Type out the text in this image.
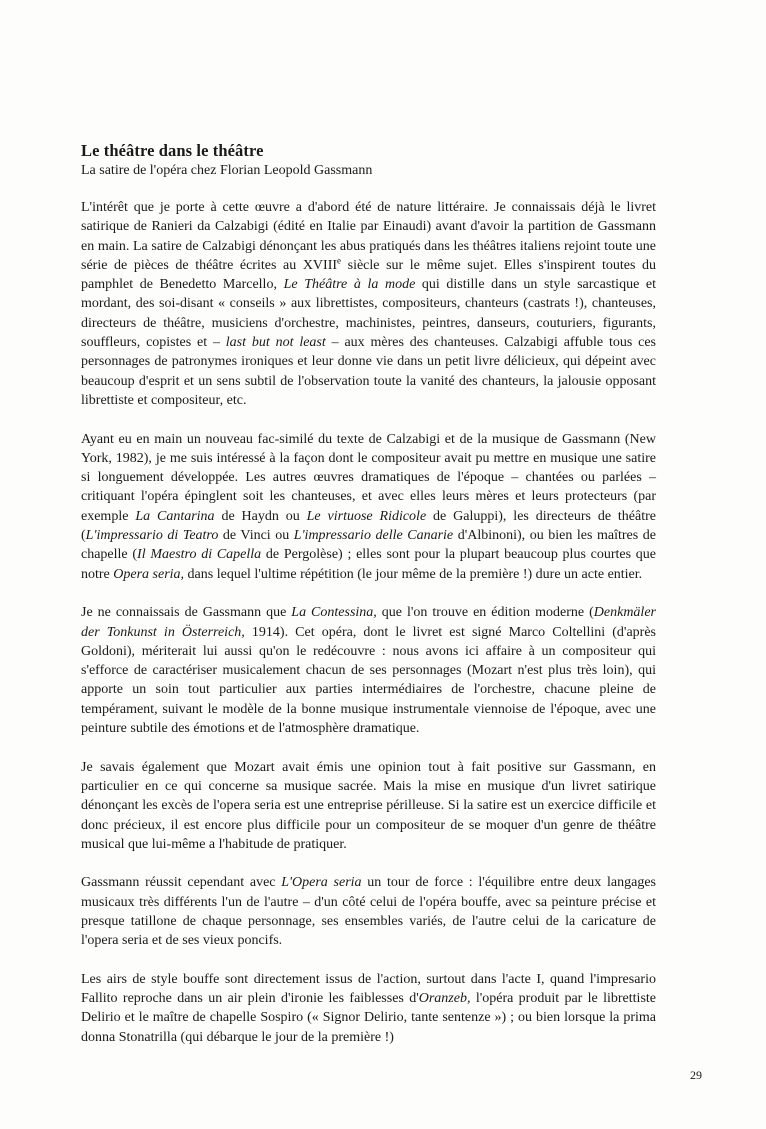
Le théâtre dans le théâtre

La satire de l'opéra chez Florian Leopold Gassmann

L'intérêt que je porte à cette œuvre a d'abord été de nature littéraire. Je connaissais déjà le livret satirique de Ranieri da Calzabigi (édité en Italie par Einaudi) avant d'avoir la partition de Gassmann en main. La satire de Calzabigi dénonçant les abus pratiqués dans les théâtres italiens rejoint toute une série de pièces de théâtre écrites au XVIIIe siècle sur le même sujet. Elles s'inspirent toutes du pamphlet de Benedetto Marcello, Le Théâtre à la mode qui distille dans un style sarcastique et mordant, des soi-disant « conseils » aux librettistes, compositeurs, chanteurs (castrats !), chanteuses, directeurs de théâtre, musiciens d'orchestre, machinistes, peintres, danseurs, couturiers, figurants, souffleurs, copistes et – last but not least – aux mères des chanteuses. Calzabigi affuble tous ces personnages de patronymes ironiques et leur donne vie dans un petit livre délicieux, qui dépeint avec beaucoup d'esprit et un sens subtil de l'observation toute la vanité des chanteurs, la jalousie opposant librettiste et compositeur, etc.

Ayant eu en main un nouveau fac-similé du texte de Calzabigi et de la musique de Gassmann (New York, 1982), je me suis intéressé à la façon dont le compositeur avait pu mettre en musique une satire si longuement développée. Les autres œuvres dramatiques de l'époque – chantées ou parlées – critiquant l'opéra épinglent soit les chanteuses, et avec elles leurs mères et leurs protecteurs (par exemple La Cantarina de Haydn ou Le virtuose Ridicole de Galuppi), les directeurs de théâtre (L'impressario di Teatro de Vinci ou L'impressario delle Canarie d'Albinoni), ou bien les maîtres de chapelle (Il Maestro di Capella de Pergolèse) ; elles sont pour la plupart beaucoup plus courtes que notre Opera seria, dans lequel l'ultime répétition (le jour même de la première !) dure un acte entier.

Je ne connaissais de Gassmann que La Contessina, que l'on trouve en édition moderne (Denkmäler der Tonkunst in Österreich, 1914). Cet opéra, dont le livret est signé Marco Coltellini (d'après Goldoni), mériterait lui aussi qu'on le redécouvre : nous avons ici affaire à un compositeur qui s'efforce de caractériser musicalement chacun de ses personnages (Mozart n'est plus très loin), qui apporte un soin tout particulier aux parties intermédiaires de l'orchestre, chacune pleine de tempérament, suivant le modèle de la bonne musique instrumentale viennoise de l'époque, avec une peinture subtile des émotions et de l'atmosphère dramatique.

Je savais également que Mozart avait émis une opinion tout à fait positive sur Gassmann, en particulier en ce qui concerne sa musique sacrée. Mais la mise en musique d'un livret satirique dénonçant les excès de l'opera seria est une entreprise périlleuse. Si la satire est un exercice difficile et donc précieux, il est encore plus difficile pour un compositeur de se moquer d'un genre de théâtre musical que lui-même a l'habitude de pratiquer.

Gassmann réussit cependant avec L'Opera seria un tour de force : l'équilibre entre deux langages musicaux très différents l'un de l'autre – d'un côté celui de l'opéra bouffe, avec sa peinture précise et presque tatillone de chaque personnage, ses ensembles variés, de l'autre celui de la caricature de l'opera seria et de ses vieux poncifs.

Les airs de style bouffe sont directement issus de l'action, surtout dans l'acte I, quand l'impresario Fallito reproche dans un air plein d'ironie les faiblesses d'Oranzeb, l'opéra produit par le librettiste Delirio et le maître de chapelle Sospiro (« Signor Delirio, tante sentenze ») ; ou bien lorsque la prima donna Stonatrilla (qui débarque le jour de la première !)

29
